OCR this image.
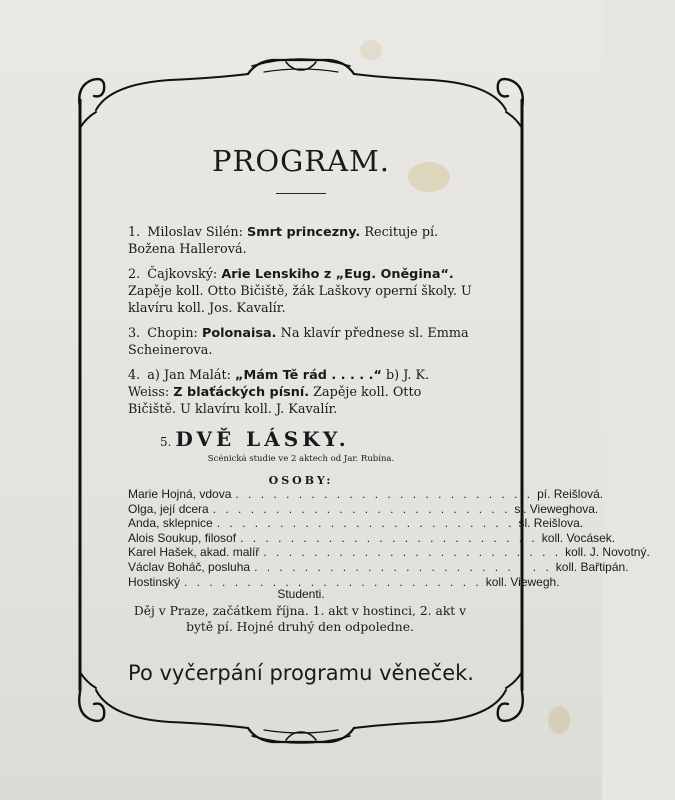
PROGRAM.
1. Miloslav Silén: Smrt princezny. Recituje pí. Božena Hallerová.
2. Čajkovský: Arie Lenskiho z „Eug. Oněgina“. Zapěje koll. Otto Bičiště, žák Laškovy operní školy. U klavíru koll. Jos. Kavalír.
3. Chopin: Polonaisa. Na klavír přednese sl. Emma Scheinerova.
4. a) Jan Malát: „Mám Tě rád . . . . .“ b) J. K. Weiss: Z blaťáckých písní. Zapěje koll. Otto Bičiště. U klavíru koll. J. Kavalír.
5. DVĚ LÁSKY.
Scénická studie ve 2 aktech od Jar. Rubína.
OSOBY:
Marie Hojná, vdova . . . . . . . . . . . . . . . . . . . . . . . . pí. Reišlová.
Olga, její dcera . . . . . . . . . . . . . . . . . . . . . . . . sl. Vieweghova.
Anda, sklepnice . . . . . . . . . . . . . . . . . . . . . . . . sl. Reišlova.
Alois Soukup, filosof . . . . . . . . . . . . . . . . . . . . . . . . koll. Vocásek.
Karel Hašek, akad. malíř . . . . . . . . . . . . . . . . . . . . . . . . koll. J. Novotný.
Václav Boháč, posluha . . . . . . . . . . . . . . . . . . . . . . . . koll. Bařtipán.
Hostinský . . . . . . . . . . . . . . . . . . . . . . . . koll. Viewegh.
Studenti.
Děj v Praze, začátkem října. 1. akt v hostinci, 2. akt v bytě pí. Hojné druhý den odpoledne.
Po vyčerpání programu věneček.
